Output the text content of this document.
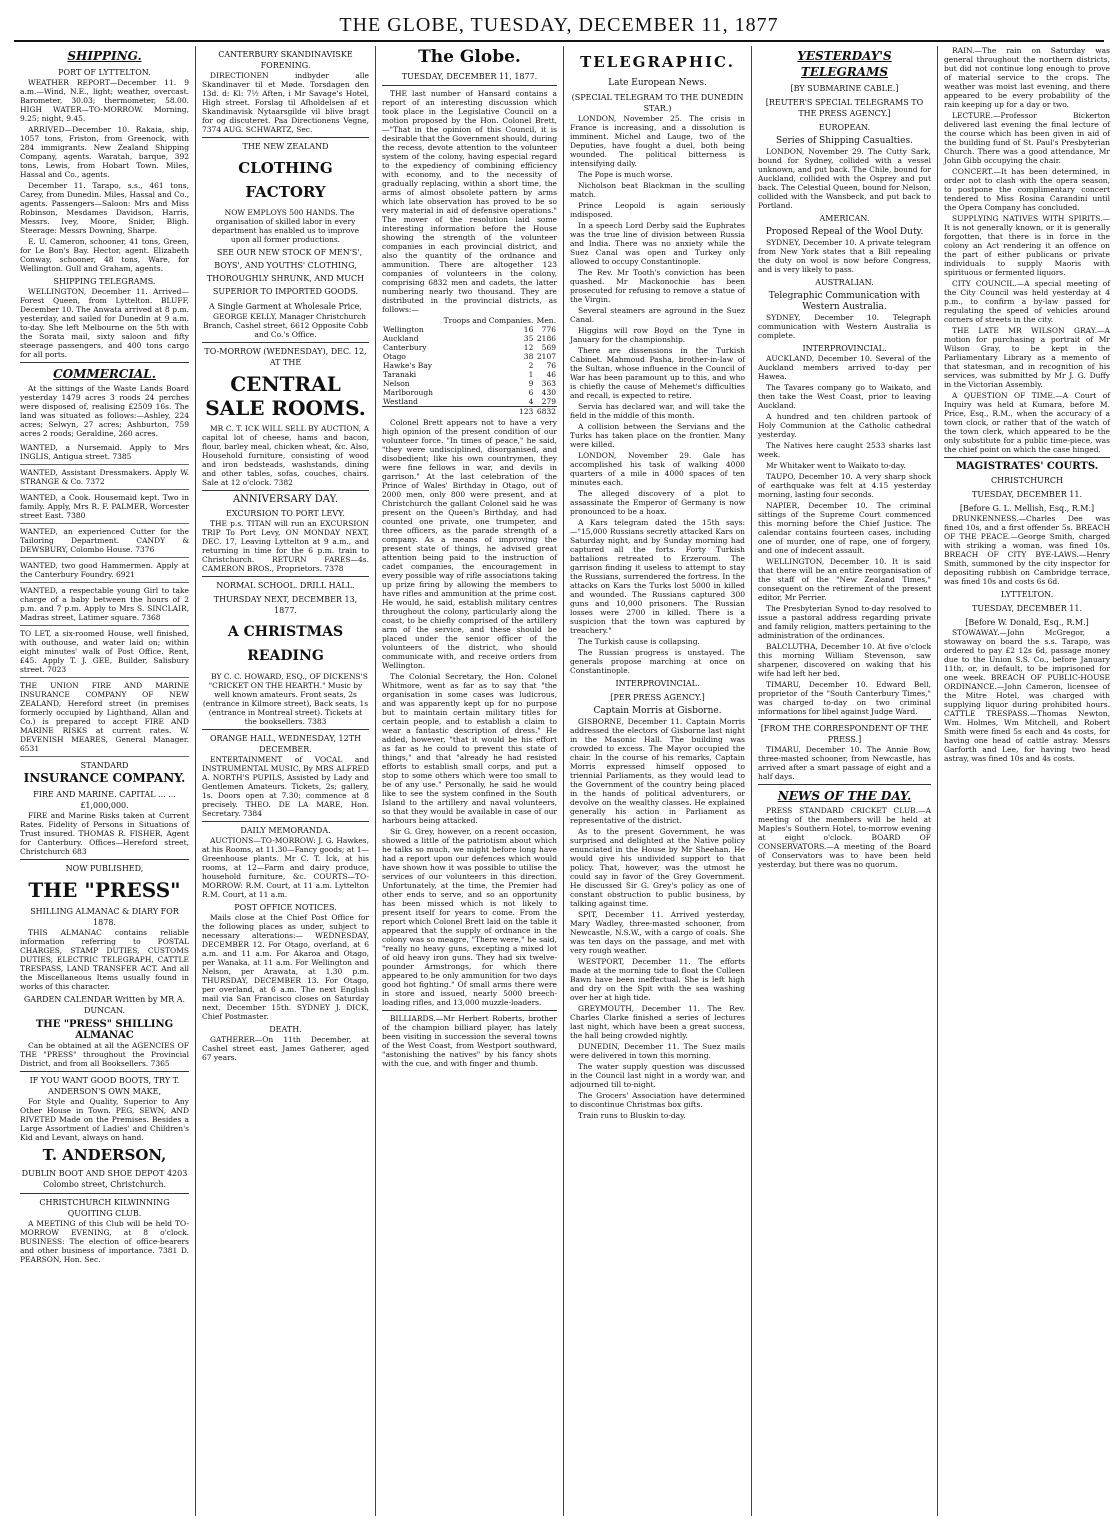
THE GLOBE, TUESDAY, DECEMBER 11, 1877
SHIPPING.
PORT OF LYTTELTON.

WEATHER REPORT—December 11. 9 a.m.—Wind, N.E., light; weather, overcast. Barometer, 30.03; thermometer, 58.00. HIGH WATER—TO-MORROW. Morning, 9.25; night, 9.45.

ARRIVED—December 10. Rakaia, ship, 1057 tons, Friston, from Greenock, with 284 immigrants. New Zealand Shipping Company, agents. Waratah, barque, 392 tons, Lewis, from Hobart Town. Miles, Hassal and Co., agents.

December 11. Tarapo, s.s., 461 tons, Carey, from Dunedin. Miles, Hassal and Co., agents. Passengers—Saloon: Mrs and Miss Robinson, Mesdames Davidson, Harris, Messrs. Ivey, Moore, Snider, Bligh. Steerage: Messrs Downing, Sharpe.

E. U. Cameron, schooner, 41 tons, Green, for Le Bon's Bay. Hector, agent. Elizabeth Conway, schooner, 48 tons, Ware, for Wellington. Gull and Graham, agents.

SHIPPING TELEGRAMS.

WELLINGTON, December 11. Arrived—Forest Queen, from Lyttelton. BLUFF, December 10. The Anwata arrived at 8 p.m. yesterday, and sailed for Dunedin at 9 a.m. to-day. She left Melbourne on the 5th with the Sorata mail, sixty saloon and fifty steerage passengers, and 400 tons cargo for all ports.

COMMERCIAL.

At the sittings of the Waste Lands Board yesterday 1479 acres 3 roods 24 perches were disposed of, realising £2509 16s. The land was situated as follows:—Ashley, 224 acres; Selwyn, 27 acres; Ashburton, 759 acres 2 roods; Geraldine, 260 acres.

WANTED, a Nursemaid. Apply to Mrs INGLIS, Antigua street. 7385
WANTED, Assistant Dressmakers. Apply W. STRANGE & Co. 7372
WANTED, a Cook. Housemaid kept. Two in family. Apply, Mrs R. F. PALMER, Worcester street East. 7380
WANTED, an experienced Cutter for the Tailoring Department. CANDY & DEWSBURY, Colombo House. 7376
WANTED, two good Hammermen. Apply at the Canterbury Foundry. 6921
WANTED, a respectable young Girl to take charge of a baby between the hours of 2 p.m. and 7 p.m. Apply to Mrs S. SINCLAIR, Madras street, Latimer square. 7368
TO LET, a six-roomed House, well finished, with outhouse, and water laid on; within eight minutes' walk of Post Office. Rent, £45. Apply T. J. GEE, Builder, Salisbury street. 7023
THE UNION FIRE AND MARINE INSURANCE COMPANY OF NEW ZEALAND, Hereford street (in premises formerly occupied by Lighthand, Allan and Co.) is prepared to accept FIRE AND MARINE RISKS at current rates. W. DEVENISH MEARES, General Manager. 6531
STANDARD
INSURANCE COMPANY.
FIRE AND MARINE. CAPITAL ... ... £1,000,000.

FIRE and Marine Risks taken at Current Rates. Fidelity of Persons in Situations of Trust insured. THOMAS R. FISHER, Agent for Canterbury. Offices—Hereford street, Christchurch 683

NOW PUBLISHED,
THE "PRESS"
SHILLING ALMANAC & DIARY FOR 1878.

THIS ALMANAC contains reliable information referring to POSTAL CHARGES, STAMP DUTIES, CUSTOMS DUTIES, ELECTRIC TELEGRAPH, CATTLE TRESPASS, LAND TRANSFER ACT. And all the Miscellaneous Items usually found in works of this character.

GARDEN CALENDAR Written by MR A. DUNCAN.
THE "PRESS" SHILLING ALMANAC

Can be obtained at all the AGENCIES OF THE "PRESS" throughout the Provincial District, and from all Booksellers. 7365

IF YOU WANT GOOD BOOTS, TRY T. ANDERSON'S OWN MAKE,

For Style and Quality, Superior to Any Other House in Town. PEG, SEWN, AND RIVETED Made on the Premises. Besides a Large Assortment of Ladies' and Children's Kid and Levant, always on hand.

T. ANDERSON,
DUBLIN BOOT AND SHOE DEPOT 4203 Colombo street, Christchurch.
CHRISTCHURCH KILWINNING QUOITING CLUB.

A MEETING of this Club will be held TO-MORROW EVENING, at 8 o'clock. BUSINESS: The election of office-bearers and other business of importance. 7381 D. PEARSON, Hon. Sec.

CANTERBURY SKANDINAVISKE FORENING.

DIRECTIONEN indbyder alle Skandinaver til et Møde. Torsdagen den 13d. d: Kl: 7½ Aften, i Mr Savage's Hotel, High street. Forslag til Afholdelsen af et Skandinavisk Nytaarsgilde vil blive bragt for og discuteret. Paa Directionens Vegne, 7374 AUG. SCHWARTZ, Sec.

THE NEW ZEALAND
CLOTHING FACTORY

NOW EMPLOYS 500 HANDS. The organisation of skilled labor in every department has enabled us to improve upon all former productions.

SEE OUR NEW STOCK OF MEN'S', BOYS', AND YOUTHS' CLOTHING, THOROUGHLY SHRUNK, AND MUCH SUPERIOR TO IMPORTED GOODS.

A Single Garment at Wholesale Price,

GEORGE KELLY, Manager Christchurch Branch, Cashel street, 6612 Opposite Cobb and Co.'s Office.

TO-MORROW (WEDNESDAY), DEC. 12, AT THE
CENTRAL SALE ROOMS.

MR C. T. ICK WILL SELL BY AUCTION, A capital lot of cheese, hams and bacon, flour, barley meal, chicken wheat, &c. Also, Household furniture, consisting of wood and iron bedsteads, washstands, dining and other tables, sofas, couches, chairs. Sale at 12 o'clock. 7382

ANNIVERSARY DAY.
EXCURSION TO PORT LEVY.

THE p.s. TITAN will run an EXCURSION TRIP To Port Levy, ON MONDAY NEXT, DEC. 17, Leaving Lyttelton at 9 a.m., and returning in time for the 6 p.m. train to Christchurch. RETURN FARES—4s. CAMERON BROS., Proprietors. 7378

NORMAL SCHOOL. DRILL HALL.
THURSDAY NEXT, DECEMBER 13, 1877.
A CHRISTMAS READING

BY C. C. HOWARD, ESQ., OF DICKENS'S "CRICKET ON THE HEARTH." Music by well known amateurs. Front seats, 2s (entrance in Kilmore street), Back seats, 1s (entrance in Montreal street). Tickets at the booksellers. 7383

ORANGE HALL, WEDNESDAY, 12TH DECEMBER.

ENTERTAINMENT of VOCAL and INSTRUMENTAL MUSIC, By MRS ALFRED A. NORTH'S PUPILS, Assisted by Lady and Gentlemen Amateurs. Tickets, 2s; gallery, 1s. Doors open at 7.30; commence at 8 precisely. THEO. DE LA MARE, Hon. Secretary. 7384

DAILY MEMORANDA.

AUCTIONS—TO-MORROW: J. G. Hawkes, at his Rooms, at 11.30—Fancy goods; at 1—Greenhouse plants. Mr C. T. Ick, at his rooms, at 12—Farm and dairy produce, household furniture, &c. COURTS—TO-MORROW: R.M. Court, at 11 a.m. Lyttelton R.M. Court, at 11 a.m.

POST OFFICE NOTICES.

Mails close at the Chief Post Office for the following places as under, subject to necessary alterations:— WEDNESDAY, DECEMBER 12. For Otago, overland, at 6 a.m. and 11 a.m. For Akaroa and Otago, per Wanaka, at 11 a.m. For Wellington and Nelson, per Arawata, at 1.30 p.m. THURSDAY, DECEMBER 13. For Otago, per overland, at 6 a.m. The next English mail via San Francisco closes on Saturday next, December 15th. SYDNEY J. DICK, Chief Postmaster.

DEATH.

GATHERER—On 11th December, at Cashel street east, James Gatherer, aged 67 years.

The Globe.
TUESDAY, DECEMBER 11, 1877.

THE last number of Hansard contains a report of an interesting discussion which took place in the Legislative Council on a motion proposed by the Hon. Colonel Brett,—"That in the opinion of this Council, it is desirable that the Government should, during the recess, devote attention to the volunteer system of the colony, having especial regard to the expediency of combining efficiency with economy, and to the necessity of gradually replacing, within a short time, the arms of almost obsolete pattern by arms which late observation has proved to be so very material in aid of defensive operations." The mover of the resolution laid some interesting information before the House showing the strength of the volunteer companies in each provincial district, and also the quantity of the ordnance and ammunition. There are altogether 123 companies of volunteers in the colony, comprising 6832 men and cadets, the latter numbering nearly two thousand. They are distributed in the provincial districts, as follows:—

	Troops and Companies.	Men.
Wellington	16	776
Auckland	35	2186
Canterbury	12	569
Otago	38	2107
Hawke's Bay	2	76
Taranaki	1	46
Nelson	9	363
Marlborough	6	430
Westland	4	279
	123	6832

Colonel Brett appears not to have a very high opinion of the present condition of our volunteer force. "In times of peace," he said, "they were undisciplined, disorganised, and disobedient; like his own countrymen, they were fine fellows in war, and devils in garrison." At the last celebration of the Prince of Wales' Birthday in Otago, out of 2000 men, only 800 were present, and at Christchurch the gallant Colonel said he was present on the Queen's Birthday, and had counted one private, one trumpeter, and three officers, as the parade strength of a company. As a means of improving the present state of things, he advised great attention being paid to the instruction of cadet companies, the encouragement in every possible way of rifle associations taking up prize firing by allowing the members to have rifles and ammunition at the prime cost. He would, he said, establish military centres throughout the colony, particularly along the coast, to be chiefly comprised of the artillery arm of the service, and these should be placed under the senior officer of the volunteers of the district, who should communicate with, and receive orders from Wellington.

The Colonial Secretary, the Hon. Colonel Whitmore, went as far as to say that "the organisation in some cases was ludicrous, and was apparently kept up for no purpose but to maintain certain military titles for certain people, and to establish a claim to wear a fantastic description of dress." He added, however, "that it would be his effort as far as he could to prevent this state of things," and that "already he had resisted efforts to establish small corps, and put a stop to some others which were too small to be of any use." Personally, he said he would like to see the system confined in the South Island to the artillery and naval volunteers, so that they would be available in case of our harbours being attacked.

Sir G. Grey, however, on a recent occasion, showed a little of the patriotism about which he talks so much, we might before long have had a report upon our defences which would have shown how it was possible to utilise the services of our volunteers in this direction. Unfortunately, at the time, the Premier had other ends to serve, and so an opportunity has been missed which is not likely to present itself for years to come. From the report which Colonel Brett laid on the table it appeared that the supply of ordnance in the colony was so meagre, "There were," he said, "really no heavy guns, excepting a mixed lot of old heavy iron guns. They had six twelve-pounder Armstrongs, for which there appeared to be only ammunition for two days good hot fighting." Of small arms there were in store and issued, nearly 5000 breech-loading rifles, and 13,000 muzzle-loaders.

BILLIARDS.—Mr Herbert Roberts, brother of the champion billiard player, has lately been visiting in succession the several towns of the West Coast, from Westport southward, "astonishing the natives" by his fancy shots with the cue, and with finger and thumb.

TELEGRAPHIC.
Late European News.
(SPECIAL TELEGRAM TO THE DUNEDIN STAR.)

LONDON, November 25. The crisis in France is increasing, and a dissolution is imminent. Michel and Lauge, two of the Deputies, have fought a duel, both being wounded. The political bitterness is intensifying daily.

The Pope is much worse.

Nicholson beat Blackman in the sculling match.

Prince Leopold is again seriously indisposed.

In a speech Lord Derby said the Euphrates was the true line of division between Russia and India. There was no anxiety while the Suez Canal was open and Turkey only allowed to occupy Constantinople.

The Rev. Mr Tooth's conviction has been quashed. Mr Mackonochie has been prosecuted for refusing to remove a statue of the Virgin.

Several steamers are aground in the Suez Canal.

Higgins will row Boyd on the Tyne in January for the championship.

There are dissensions in the Turkish Cabinet. Mahmoud Pasha, brother-in-law of the Sultan, whose influence in the Council of War has been paramount up to this, and who is chiefly the cause of Mehemet's difficulties and recall, is expected to retire.

Servia has declared war, and will take the field in the middle of this month.

A collision between the Servians and the Turks has taken place on the frontier. Many were killed.

LONDON, November 29. Gale has accomplished his task of walking 4000 quarters of a mile in 4000 spaces of ten minutes each.

The alleged discovery of a plot to assassinate the Emperor of Germany is now pronounced to be a hoax.

A Kars telegram dated the 15th says:—"15,000 Russians secretly attacked Kars on Saturday night, and by Sunday morning had captured all the forts. Forty Turkish battalions retreated to Erzeroum. The garrison finding it useless to attempt to stay the Russians, surrendered the fortress. In the attacks on Kars the Turks lost 5000 in killed and wounded. The Russians captured 300 guns and 10,000 prisoners. The Russian losses were 2700 in killed. There is a suspicion that the town was captured by treachery."

The Turkish cause is collapsing.

The Russian progress is unstayed. The generals propose marching at once on Constantinople.

INTERPROVINCIAL.
[PER PRESS AGENCY.]
Captain Morris at Gisborne.

GISBORNE, December 11. Captain Morris addressed the electors of Gisborne last night in the Masonic Hall. The building was crowded to excess. The Mayor occupied the chair. In the course of his remarks, Captain Morris expressed himself opposed to triennial Parliaments, as they would lead to the Government of the country being placed in the hands of political adventurers, or devolve on the wealthy classes. He explained generally his action in Parliament as representative of the district.

As to the present Government, he was surprised and delighted at the Native policy enunciated in the House by Mr Sheehan. He would give his undivided support to that policy. That, however, was the utmost he could say in favor of the Grey Government. He discussed Sir G. Grey's policy as one of constant obstruction to public business, by talking against time.

SPIT, December 11. Arrived yesterday, Mary Wadley, three-masted schooner, from Newcastle, N.S.W., with a cargo of coals. She was ten days on the passage, and met with very rough weather.

WESTPORT, December 11. The efforts made at the morning tide to float the Colleen Bawn have been ineffectual. She is left high and dry on the Spit with the sea washing over her at high tide.

GREYMOUTH, December 11. The Rev. Charles Clarke finished a series of lectures last night, which have been a great success, the hall being crowded nightly.

DUNEDIN, December 11. The Suez mails were delivered in town this morning.

The water supply question was discussed in the Council last night in a wordy war, and adjourned till to-night.

The Grocers' Association have determined to discontinue Christmas box gifts.

Train runs to Bluskin to-day.

YESTERDAY'S TELEGRAMS
[BY SUBMARINE CABLE.]
[REUTER'S SPECIAL TELEGRAMS TO THE PRESS AGENCY.]
EUROPEAN.
Series of Shipping Casualties.

LONDON, November 29. The Cutty Sark, bound for Sydney, collided with a vessel unknown, and put back. The Chile, bound for Auckland, collided with the Osprey and put back. The Celestial Queen, bound for Nelson, collided with the Wansbeck, and put back to Portland.

AMERICAN.
Proposed Repeal of the Wool Duty.

SYDNEY, December 10. A private telegram from New York states that a Bill repealing the duty on wool is now before Congress, and is very likely to pass.

AUSTRALIAN.
Telegraphic Communication with Western Australia.

SYDNEY, December 10. Telegraph communication with Western Australia is complete.

INTERPROVINCIAL.

AUCKLAND, December 10. Several of the Auckland members arrived to-day per Hawea.

The Tavares company go to Waikato, and then take the West Coast, prior to leaving Auckland.

A hundred and ten children partook of Holy Communion at the Catholic cathedral yesterday.

The Natives here caught 2533 sharks last week.

Mr Whitaker went to Waikato to-day.

TAUPO, December 10. A very sharp shock of earthquake was felt at 4.15 yesterday morning, lasting four seconds.

NAPIER, December 10. The criminal sittings of the Supreme Court commenced this morning before the Chief Justice. The calendar contains fourteen cases, including one of murder, one of rape, one of forgery, and one of indecent assault.

WELLINGTON, December 10. It is said that there will be an entire reorganisation of the staff of the "New Zealand Times," consequent on the retirement of the present editor, Mr Perrier.

The Presbyterian Synod to-day resolved to issue a pastoral address regarding private and family religion, matters pertaining to the administration of the ordinances.

BALCLUTHA, December 10. At five o'clock this morning William Stevenson, saw sharpener, discovered on waking that his wife had left her bed.

TIMARU, December 10. Edward Bell, proprietor of the "South Canterbury Times," was charged to-day on two criminal informations for libel against Judge Ward.

[FROM THE CORRESPONDENT OF THE PRESS.]

TIMARU, December 10. The Annie Bow, three-masted schooner, from Newcastle, has arrived after a smart passage of eight and a half days.

NEWS OF THE DAY.

PRESS STANDARD CRICKET CLUB.—A meeting of the members will be held at Maples's Southern Hotel, to-morrow evening at eight o'clock. BOARD OF CONSERVATORS.—A meeting of the Board of Conservators was to have been held yesterday, but there was no quorum.

RAIN.—The rain on Saturday was general throughout the northern districts, but did not continue long enough to prove of material service to the crops. The weather was moist last evening, and there appeared to be every probability of the rain keeping up for a day or two.

LECTURE.—Professor Bickerton delivered last evening the final lecture of the course which has been given in aid of the building fund of St. Paul's Presbyterian Church. There was a good attendance, Mr John Gibb occupying the chair.

CONCERT.—It has been determined, in order not to clash with the opera season, to postpone the complimentary concert tendered to Miss Rosina Carandini until the Opera Company has concluded.

SUPPLYING NATIVES WITH SPIRITS.—It is not generally known, or it is generally forgotten, that there is in force in the colony an Act rendering it an offence on the part of either publicans or private individuals to supply Maoris with spirituous or fermented liquors.

CITY COUNCIL.—A special meeting of the City Council was held yesterday at 4 p.m., to confirm a by-law passed for regulating the speed of vehicles around corners of streets in the city.

THE LATE MR WILSON GRAY.—A motion for purchasing a portrait of Mr Wilson Gray, to be kept in the Parliamentary Library as a memento of that statesman, and in recognition of his services, was submitted by Mr J. G. Duffy in the Victorian Assembly.

A QUESTION OF TIME.—A Court of Inquiry was held at Kumara, before M. Price, Esq., R.M., when the accuracy of a town clock, or rather that of the watch of the town clerk, which appeared to be the only substitute for a public time-piece, was the chief point on which the case hinged.

MAGISTRATES' COURTS.
CHRISTCHURCH
TUESDAY, DECEMBER 11.
[Before G. L. Mellish, Esq., R.M.]

DRUNKENNESS.—Charles Dee was fined 10s, and a first offender 5s. BREACH OF THE PEACE.—George Smith, charged with striking a woman, was fined 10s. BREACH OF CITY BYE-LAWS.—Henry Smith, summoned by the city inspector for depositing rubbish on Cambridge terrace, was fined 10s and costs 6s 6d.

LYTTELTON.
TUESDAY, DECEMBER 11.
[Before W. Donald, Esq., R.M.]

STOWAWAY.—John McGregor, a stowaway on board the s.s. Tarapo, was ordered to pay £2 12s 6d, passage money due to the Union S.S. Co., before January 11th, or, in default, to be imprisoned for one week. BREACH OF PUBLIC-HOUSE ORDINANCE.—John Cameron, licensee of the Mitre Hotel, was charged with supplying liquor during prohibited hours. CATTLE TRESPASS.—Thomas Newton, Wm. Holmes, Wm Mitchell, and Robert Smith were fined 5s each and 4s costs, for having one head of cattle astray. Messrs Garforth and Lee, for having two head astray, was fined 10s and 4s costs.
